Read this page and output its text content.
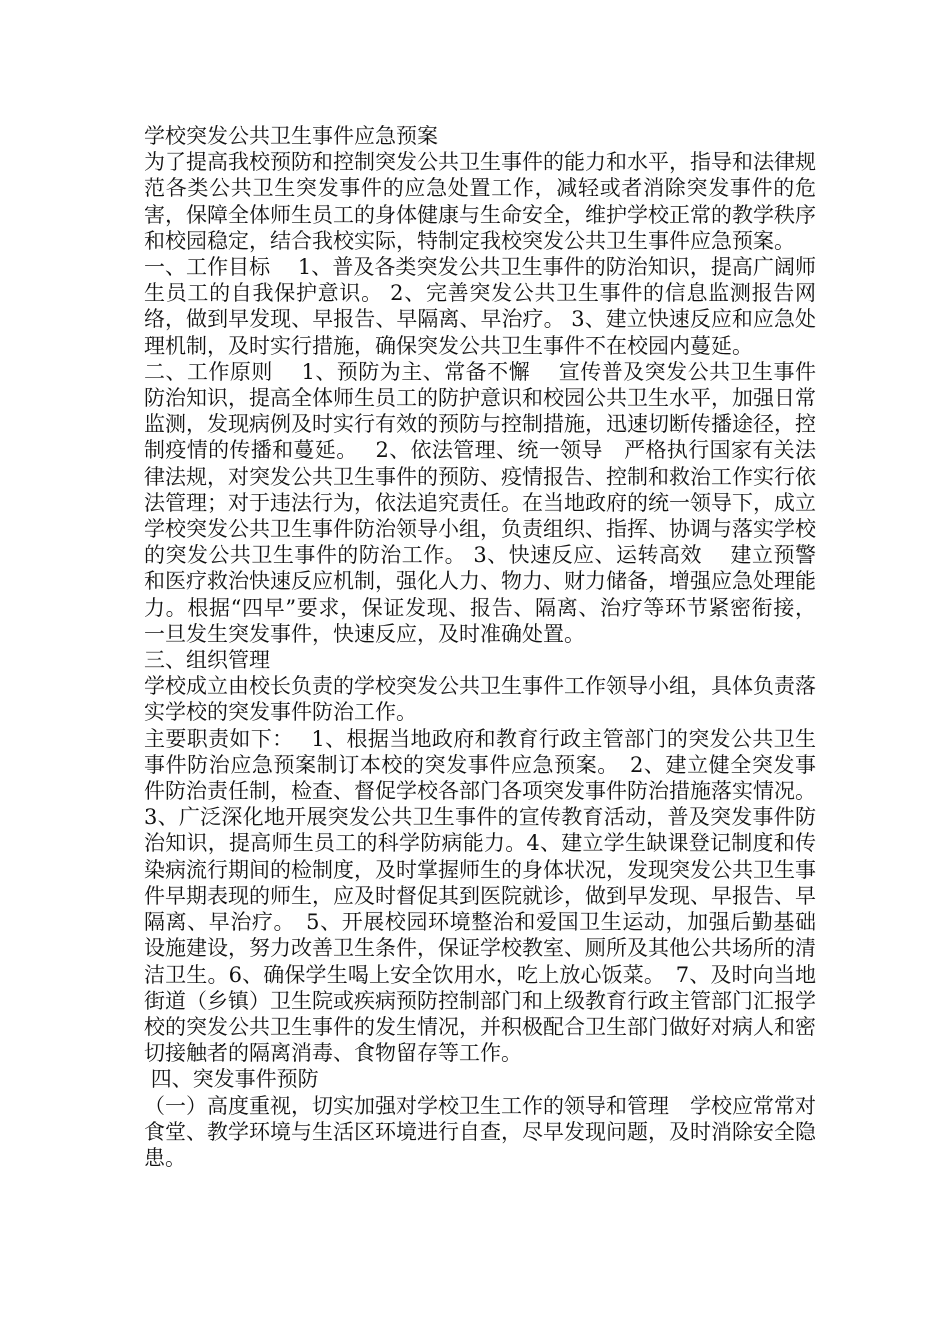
学校突发公共卫生事件应急预案

为了提高我校预防和控制突发公共卫生事件的能力和水平，指导和法律规范各类公共卫生突发事件的应急处置工作，减轻或者消除突发事件的危害，保障全体师生员工的身体健康与生命安全，维护学校正常的教学秩序和校园稳定，结合我校实际，特制定我校突发公共卫生事件应急预案。

一、工作目标　 1、普及各类突发公共卫生事件的防治知识，提高广阔师生员工的自我保护意识。 2、完善突发公共卫生事件的信息监测报告网络，做到早发现、早报告、早隔离、早治疗。 3、建立快速反应和应急处理机制，及时实行措施，确保突发公共卫生事件不在校园内蔓延。

二、工作原则　 1、预防为主、常备不懈　 宣传普及突发公共卫生事件防治知识，提高全体师生员工的防护意识和校园公共卫生水平，加强日常监测，发现病例及时实行有效的预防与控制措施，迅速切断传播途径，控制疫情的传播和蔓延。　 2、依法管理、统一领导　严格执行国家有关法律法规，对突发公共卫生事件的预防、疫情报告、控制和救治工作实行依法管理；对于违法行为，依法追究责任。在当地政府的统一领导下，成立学校突发公共卫生事件防治领导小组，负责组织、指挥、协调与落实学校的突发公共卫生事件的防治工作。 3、快速反应、运转高效　 建立预警和医疗救治快速反应机制，强化人力、物力、财力储备，增强应急处理能力。根据“四早”要求，保证发现、报告、隔离、治疗等环节紧密衔接，一旦发生突发事件，快速反应，及时准确处置。

三、组织管理

学校成立由校长负责的学校突发公共卫生事件工作领导小组，具体负责落实学校的突发事件防治工作。

主要职责如下：　 1、根据当地政府和教育行政主管部门的突发公共卫生事件防治应急预案制订本校的突发事件应急预案。　2、建立健全突发事件防治责任制，检查、督促学校各部门各项突发事件防治措施落实情况。 3、广泛深化地开展突发公共卫生事件的宣传教育活动，普及突发事件防治知识，提高师生员工的科学防病能力。4、建立学生缺课登记制度和传染病流行期间的检制度，及时掌握师生的身体状况，发现突发公共卫生事件早期表现的师生，应及时督促其到医院就诊，做到早发现、早报告、早隔离、早治疗。　5、开展校园环境整治和爱国卫生运动，加强后勤基础设施建设，努力改善卫生条件，保证学校教室、厕所及其他公共场所的清洁卫生。6、确保学生喝上安全饮用水，吃上放心饭菜。　7、及时向当地街道（乡镇）卫生院或疾病预防控制部门和上级教育行政主管部门汇报学校的突发公共卫生事件的发生情况，并积极配合卫生部门做好对病人和密切接触者的隔离消毒、食物留存等工作。

四、突发事件预防

（一）高度重视，切实加强对学校卫生工作的领导和管理　学校应常常对食堂、教学环境与生活区环境进行自查，尽早发现问题，及时消除安全隐患。
